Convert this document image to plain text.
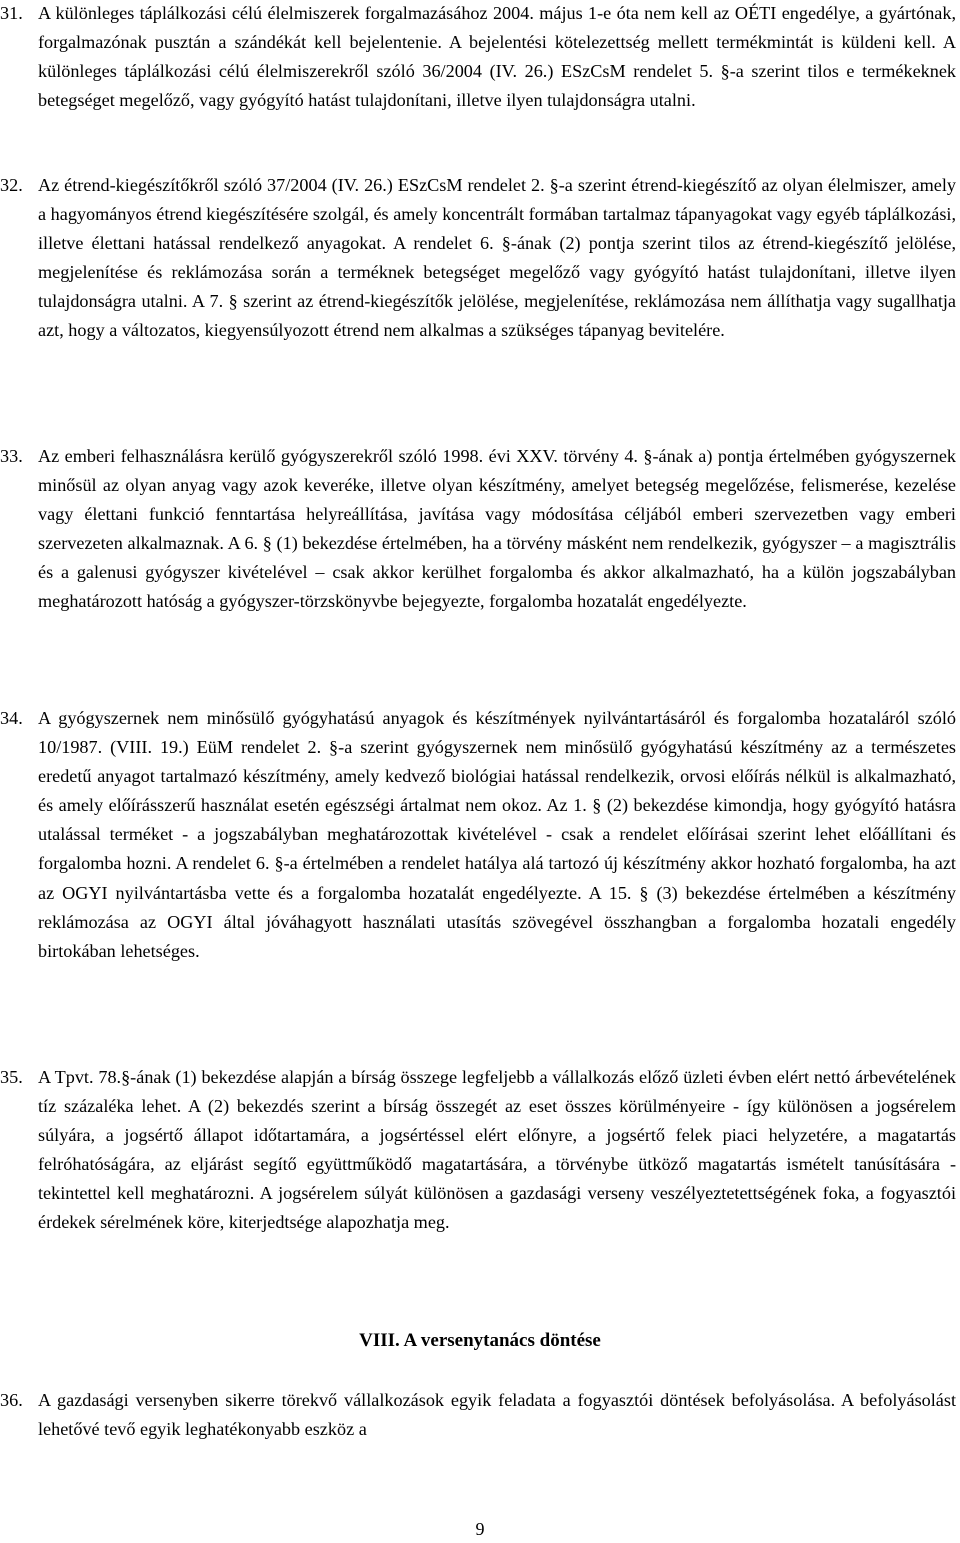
31. A különleges táplálkozási célú élelmiszerek forgalmazásához 2004. május 1-e óta nem kell az OÉTI engedélye, a gyártónak, forgalmazónak pusztán a szándékát kell bejelentenie. A bejelentési kötelezettség mellett termékmintát is küldeni kell. A különleges táplálkozási célú élelmiszerekről szóló 36/2004 (IV. 26.) ESzCsM rendelet 5. §-a szerint tilos e termékeknek betegséget megelőző, vagy gyógyító hatást tulajdonítani, illetve ilyen tulajdonságra utalni.
32. Az étrend-kiegészítőkről szóló 37/2004 (IV. 26.) ESzCsM rendelet 2. §-a szerint étrend-kiegészítő az olyan élelmiszer, amely a hagyományos étrend kiegészítésére szolgál, és amely koncentrált formában tartalmaz tápanyagokat vagy egyéb táplálkozási, illetve élettani hatással rendelkező anyagokat. A rendelet 6. §-ának (2) pontja szerint tilos az étrend-kiegészítő jelölése, megjelenítése és reklámozása során a terméknek betegséget megelőző vagy gyógyító hatást tulajdonítani, illetve ilyen tulajdonságra utalni. A 7. § szerint az étrend-kiegészítők jelölése, megjelenítése, reklámozása nem állíthatja vagy sugallhatja azt, hogy a változatos, kiegyensúlyozott étrend nem alkalmas a szükséges tápanyag bevitelére.
33. Az emberi felhasználásra kerülő gyógyszerekről szóló 1998. évi XXV. törvény 4. §-ának a) pontja értelmében gyógyszernek minősül az olyan anyag vagy azok keveréke, illetve olyan készítmény, amelyet betegség megelőzése, felismerése, kezelése vagy élettani funkció fenntartása helyreállítása, javítása vagy módosítása céljából emberi szervezetben vagy emberi szervezeten alkalmaznak. A 6. § (1) bekezdése értelmében, ha a törvény másként nem rendelkezik, gyógyszer – a magisztrális és a galenusi gyógyszer kivételével – csak akkor kerülhet forgalomba és akkor alkalmazható, ha a külön jogszabályban meghatározott hatóság a gyógyszer-törzskönyvbe bejegyezte, forgalomba hozatalát engedélyezte.
34. A gyógyszernek nem minősülő gyógyhatású anyagok és készítmények nyilvántartásáról és forgalomba hozataláról szóló 10/1987. (VIII. 19.) EüM rendelet 2. §-a szerint gyógyszernek nem minősülő gyógyhatású készítmény az a természetes eredetű anyagot tartalmazó készítmény, amely kedvező biológiai hatással rendelkezik, orvosi előírás nélkül is alkalmazható, és amely előírásszerű használat esetén egészségi ártalmat nem okoz. Az 1. § (2) bekezdése kimondja, hogy gyógyító hatásra utalással terméket - a jogszabályban meghatározottak kivételével - csak a rendelet előírásai szerint lehet előállítani és forgalomba hozni. A rendelet 6. §-a értelmében a rendelet hatálya alá tartozó új készítmény akkor hozható forgalomba, ha azt az OGYI nyilvántartásba vette és a forgalomba hozatalát engedélyezte. A 15. § (3) bekezdése értelmében a készítmény reklámozása az OGYI által jóváhagyott használati utasítás szövegével összhangban a forgalomba hozatali engedély birtokában lehetséges.
35. A Tpvt. 78.§-ának (1) bekezdése alapján a bírság összege legfeljebb a vállalkozás előző üzleti évben elért nettó árbevételének tíz százaléka lehet. A (2) bekezdés szerint a bírság összegét az eset összes körülményeire - így különösen a jogsérelem súlyára, a jogsértő állapot időtartamára, a jogsértéssel elért előnyre, a jogsértő felek piaci helyzetére, a magatartás felróhatóságára, az eljárást segítő együttműködő magatartására, a törvénybe ütköző magatartás ismételt tanúsítására - tekintettel kell meghatározni. A jogsérelem súlyát különösen a gazdasági verseny veszélyeztetettségének foka, a fogyasztói érdekek sérelmének köre, kiterjedtsége alapozhatja meg.
VIII. A versenytanács döntése
36. A gazdasági versenyben sikerre törekvő vállalkozások egyik feladata a fogyasztói döntések befolyásolása. A befolyásolást lehetővé tevő egyik leghatékonyabb eszköz a
9
